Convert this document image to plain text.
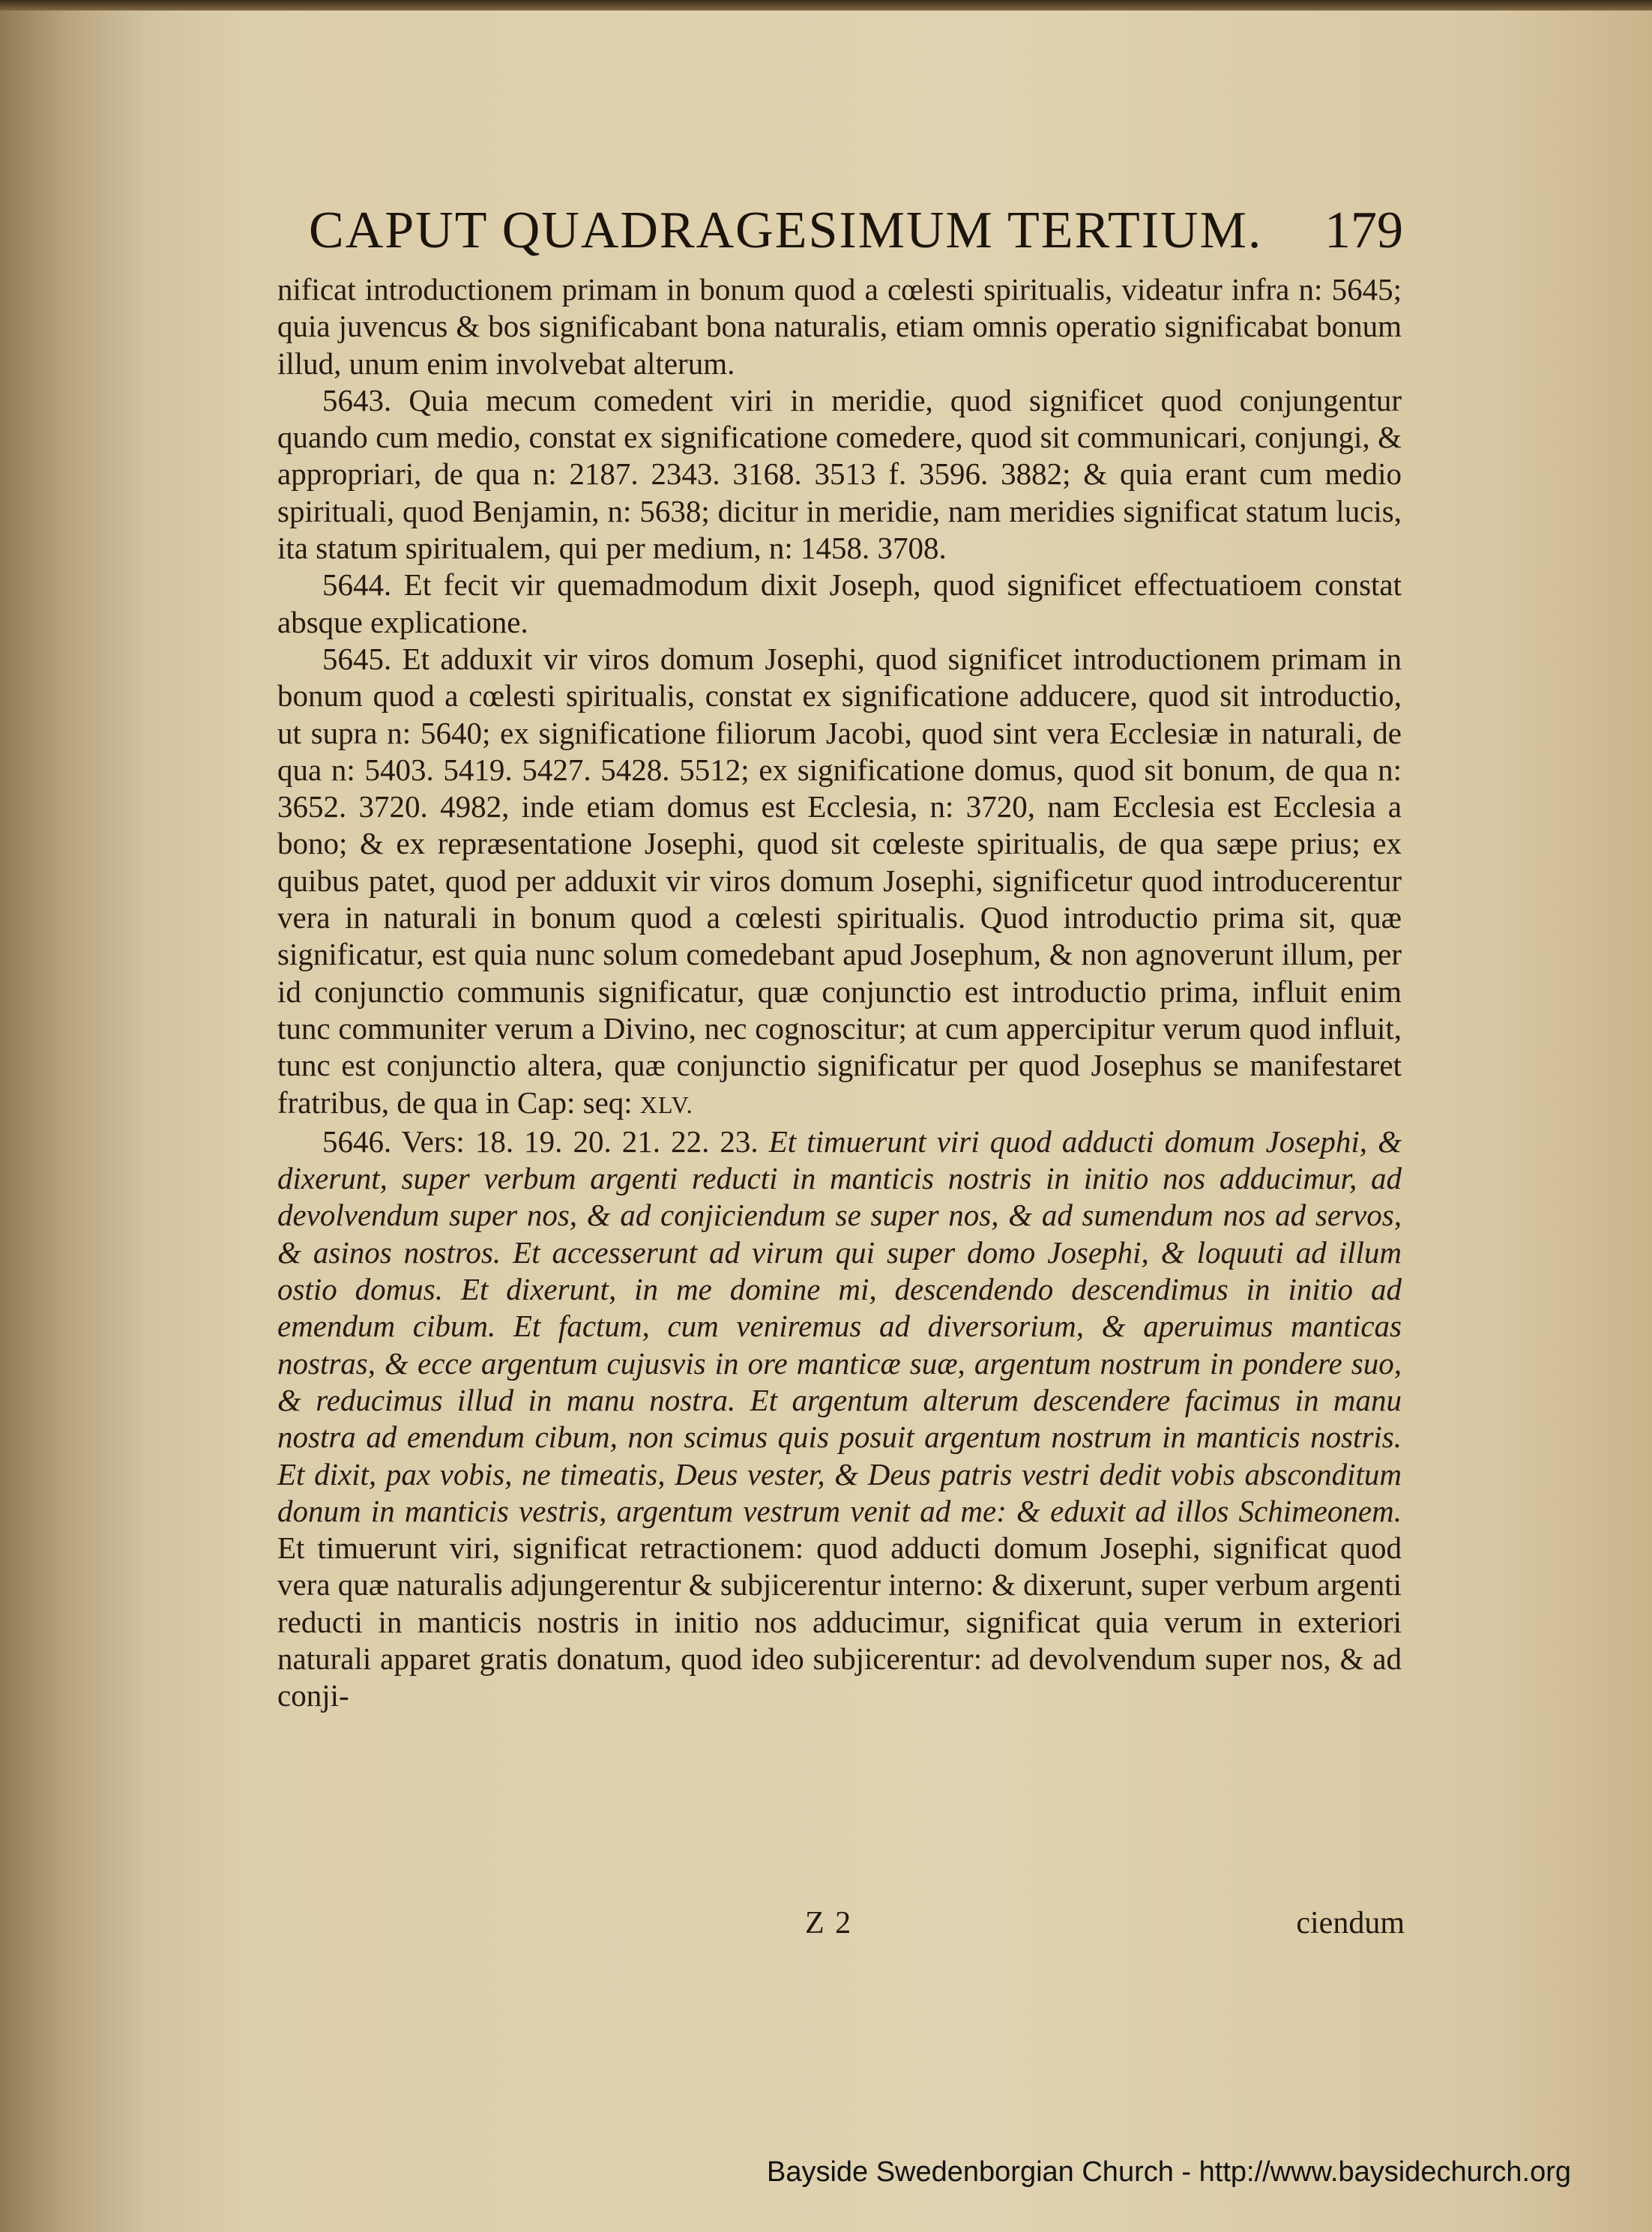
CAPUT QUADRAGESIMUM TERTIUM. 179

nificat introductionem primam in bonum quod a cœlesti spiritualis, videatur infra n: 5645; quia juvencus & bos significabant bona naturalis, etiam omnis operatio significabat bonum illud, unum enim involvebat alterum.

5643. Quia mecum comedent viri in meridie, quod significet quod conjungentur quando cum medio, constat ex significatione comedere, quod sit communicari, conjungi, & appropriari, de qua n: 2187. 2343. 3168. 3513 f. 3596. 3882; & quia erant cum medio spirituali, quod Benjamin, n: 5638; dicitur in meridie, nam meridies significat statum lucis, ita statum spiritualem, qui per medium, n: 1458. 3708.

5644. Et fecit vir quemadmodum dixit Joseph, quod significet effectuatioem constat absque explicatione.

5645. Et adduxit vir viros domum Josephi, quod significet introductionem primam in bonum quod a cœlesti spiritualis, constat ex significatione adducere, quod sit introductio, ut supra n: 5640; ex significatione filiorum Jacobi, quod sint vera Ecclesiæ in naturali, de qua n: 5403. 5419. 5427. 5428. 5512; ex significatione domus, quod sit bonum, de qua n: 3652. 3720. 4982, inde etiam domus est Ecclesia, n: 3720, nam Ecclesia est Ecclesia a bono; & ex repræsentatione Josephi, quod sit cœleste spiritualis, de qua sæpe prius; ex quibus patet, quod per adduxit vir viros domum Josephi, significetur quod introducerentur vera in naturali in bonum quod a cœlesti spiritualis. Quod introductio prima sit, quæ significatur, est quia nunc solum comedebant apud Josephum, & non agnoverunt illum, per id conjunctio communis significatur, quæ conjunctio est introductio prima, influit enim tunc communiter verum a Divino, nec cognoscitur; at cum appercipitur verum quod influit, tunc est conjunctio altera, quæ conjunctio significatur per quod Josephus se manifestaret fratribus, de qua in Cap: seq: XLV.

5646. Vers: 18. 19. 20. 21. 22. 23. Et timuerunt viri quod adducti domum Josephi, & dixerunt, super verbum argenti reducti in manticis nostris in initio nos adducimur, ad devolvendum super nos, & ad conjiciendum se super nos, & ad sumendum nos ad servos, & asinos nostros. Et accesserunt ad virum qui super domo Josephi, & loquuti ad illum ostio domus. Et dixerunt, in me domine mi, descendendo descendimus in initio ad emendum cibum. Et factum, cum veniremus ad diversorium, & aperuimus manticas nostras, & ecce argentum cujusvis in ore manticæ suæ, argentum nostrum in pondere suo, & reducimus illud in manu nostra. Et argentum alterum descendere facimus in manu nostra ad emendum cibum, non scimus quis posuit argentum nostrum in manticis nostris. Et dixit, pax vobis, ne timeatis, Deus vester, & Deus patris vestri dedit vobis absconditum donum in manticis vestris, argentum vestrum venit ad me: & eduxit ad illos Schimeonem. Et timuerunt viri, significat retractionem: quod adducti domum Josephi, significat quod vera quæ naturalis adjungerentur & subjicerentur interno: & dixerunt, super verbum argenti reducti in manticis nostris in initio nos adducimur, significat quia verum in exteriori naturali apparet gratis donatum, quod ideo subjicerentur: ad devolvendum super nos, & ad conji-

Z 2	ciendum
Bayside Swedenborgian Church - http://www.baysidechurch.org
